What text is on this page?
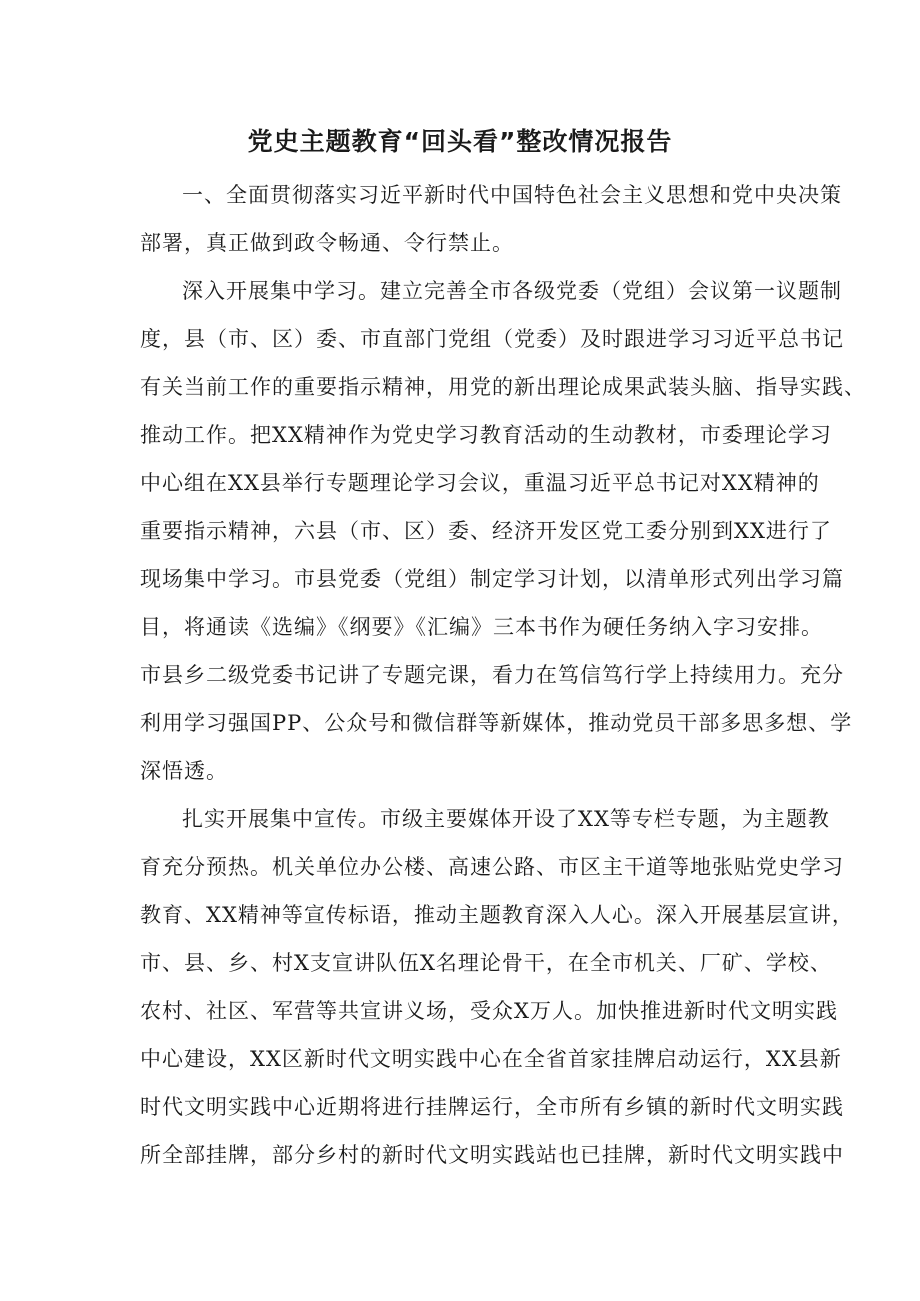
党史主题教育“回头看”整改情况报告

一、全面贯彻落实习近平新时代中国特色社会主义思想和党中央决策

部署，真正做到政令畅通、令行禁止。

深入开展集中学习。建立完善全市各级党委（党组）会议第一议题制

度，县（市、区）委、市直部门党组（党委）及时跟进学习习近平总书记

有关当前工作的重要指示精神，用党的新出理论成果武装头脑、指导实践、

推动工作。把XX精神作为党史学习教育活动的生动教材，市委理论学习

中心组在XX县举行专题理论学习会议，重温习近平总书记对XX精神的

重要指示精神，六县（市、区）委、经济开发区党工委分别到XX进行了

现场集中学习。市县党委（党组）制定学习计划，以清单形式列出学习篇

目，将通读《选编》《纲要》《汇编》三本书作为硬任务纳入字习安排。

市县乡二级党委书记讲了专题完课，看力在笃信笃行学上持续用力。充分

利用学习强国PP、公众号和微信群等新媒体，推动党员干部多思多想、学

深悟透。

扎实开展集中宣传。市级主要媒体开设了XX等专栏专题，为主题教

育充分预热。机关单位办公楼、高速公路、市区主干道等地张贴党史学习

教育、XX精神等宣传标语，推动主题教育深入人心。深入开展基层宣讲，

市、县、乡、村X支宣讲队伍X名理论骨干，在全市机关、厂矿、学校、

农村、社区、军营等共宣讲义场，受众X万人。加快推进新时代文明实践

中心建设，XX区新时代文明实践中心在全省首家挂牌启动运行，XX县新

时代文明实践中心近期将进行挂牌运行，全市所有乡镇的新时代文明实践

所全部挂牌，部分乡村的新时代文明实践站也已挂牌，新时代文明实践中
